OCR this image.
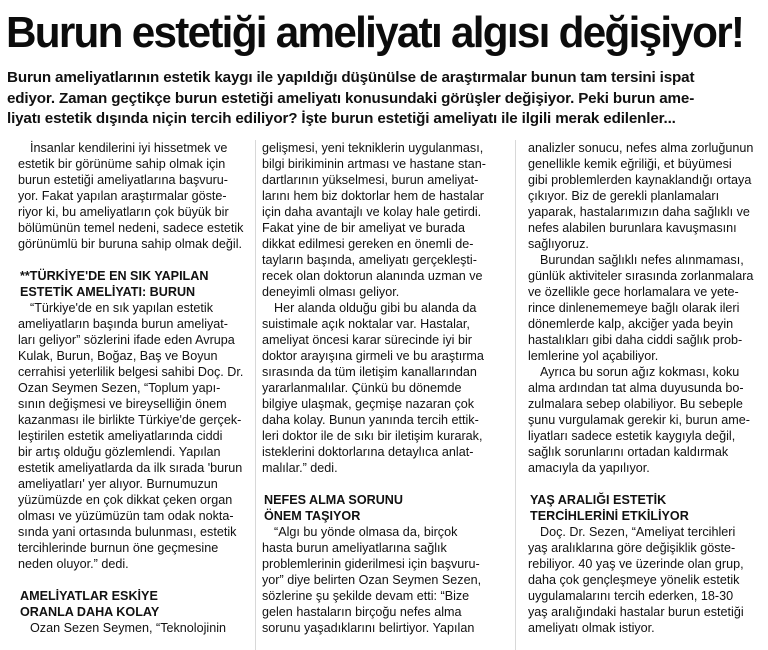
Burun estetiği ameliyatı algısı değişiyor!
Burun ameliyatlarının estetik kaygı ile yapıldığı düşünülse de araştırmalar bunun tam tersini ispat
ediyor. Zaman geçtikçe burun estetiği ameliyatı konusundaki görüşler değişiyor. Peki burun ame-
liyatı estetik dışında niçin tercih ediliyor? İşte burun estetiği ameliyatı ile ilgili merak edilenler...
İnsanlar kendilerini iyi hissetmek ve
estetik bir görünüme sahip olmak için
burun estetiği ameliyatlarına başvuru-
yor. Fakat yapılan araştırmalar göste-
riyor ki, bu ameliyatların çok büyük bir
bölümünün temel nedeni, sadece estetik
görünümlü bir buruna sahip olmak değil.

**TÜRKİYE'DE EN SIK YAPILAN
ESTETİK AMELİYATI: BURUN
“Türkiye'de en sık yapılan estetik
ameliyatların başında burun ameliyat-
ları geliyor” sözlerini ifade eden Avrupa
Kulak, Burun, Boğaz, Baş ve Boyun
cerrahisi yeterlilik belgesi sahibi Doç. Dr.
Ozan Seymen Sezen, “Toplum yapı-
sının değişmesi ve bireyselliğin önem
kazanması ile birlikte Türkiye'de gerçek-
leştirilen estetik ameliyatlarında ciddi
bir artış olduğu gözlemlendi. Yapılan
estetik ameliyatlarda da ilk sırada 'burun
ameliyatları' yer alıyor. Burnumuzun
yüzümüzde en çok dikkat çeken organ
olması ve yüzümüzün tam odak nokta-
sında yani ortasında bulunması, estetik
tercihlerinde burnun öne geçmesine
neden oluyor.” dedi.

AMELİYATLAR ESKİYE
ORANLA DAHA KOLAY
Ozan Sezen Seymen, “Teknolojinin
gelişmesi, yeni tekniklerin uygulanması,
bilgi birikiminin artması ve hastane stan-
dartlarının yükselmesi, burun ameliyat-
larını hem biz doktorlar hem de hastalar
için daha avantajlı ve kolay hale getirdi.
Fakat yine de bir ameliyat ve burada
dikkat edilmesi gereken en önemli de-
tayların başında, ameliyatı gerçekleşti-
recek olan doktorun alanında uzman ve
deneyimli olması geliyor.
Her alanda olduğu gibi bu alanda da
suistimale açık noktalar var. Hastalar,
ameliyat öncesi karar sürecinde iyi bir
doktor arayışına girmeli ve bu araştırma
sırasında da tüm iletişim kanallarından
yararlanmalılar. Çünkü bu dönemde
bilgiye ulaşmak, geçmişe nazaran çok
daha kolay. Bunun yanında tercih ettik-
leri doktor ile de sıkı bir iletişim kurarak,
isteklerini doktorlarına detaylıca anlat-
malılar.” dedi.

NEFES ALMA SORUNU
ÖNEM TAŞIYOR
“Algı bu yönde olmasa da, birçok
hasta burun ameliyatlarına sağlık
problemlerinin giderilmesi için başvuru-
yor” diye belirten Ozan Seymen Sezen,
sözlerine şu şekilde devam etti: “Bize
gelen hastaların birçoğu nefes alma
sorunu yaşadıklarını belirtiyor. Yapılan
analizler sonucu, nefes alma zorluğunun
genellikle kemik eğriliği, et büyümesi
gibi problemlerden kaynaklandığı ortaya
çıkıyor. Biz de gerekli planlamaları
yaparak, hastalarımızın daha sağlıklı ve
nefes alabilen burunlara kavuşmasını
sağlıyoruz.
Burundan sağlıklı nefes alınmaması,
günlük aktiviteler sırasında zorlanmalara
ve özellikle gece horlamalara ve yete-
rince dinlenememeye bağlı olarak ileri
dönemlerde kalp, akciğer yada beyin
hastalıkları gibi daha ciddi sağlık prob-
lemlerine yol açabiliyor.
Ayrıca bu sorun ağız kokması, koku
alma ardından tat alma duyusunda bo-
zulmalara sebep olabiliyor. Bu sebeple
şunu vurgulamak gerekir ki, burun ame-
liyatları sadece estetik kaygıyla değil,
sağlık sorunlarını ortadan kaldırmak
amacıyla da yapılıyor.

YAŞ ARALIĞI ESTETİK
TERCİHLERİNİ ETKİLİYOR
Doç. Dr. Sezen, “Ameliyat tercihleri
yaş aralıklarına göre değişiklik göste-
rebiliyor. 40 yaş ve üzerinde olan grup,
daha çok gençleşmeye yönelik estetik
uygulamalarını tercih ederken, 18-30
yaş aralığındaki hastalar burun estetiği
ameliyatı olmak istiyor.
